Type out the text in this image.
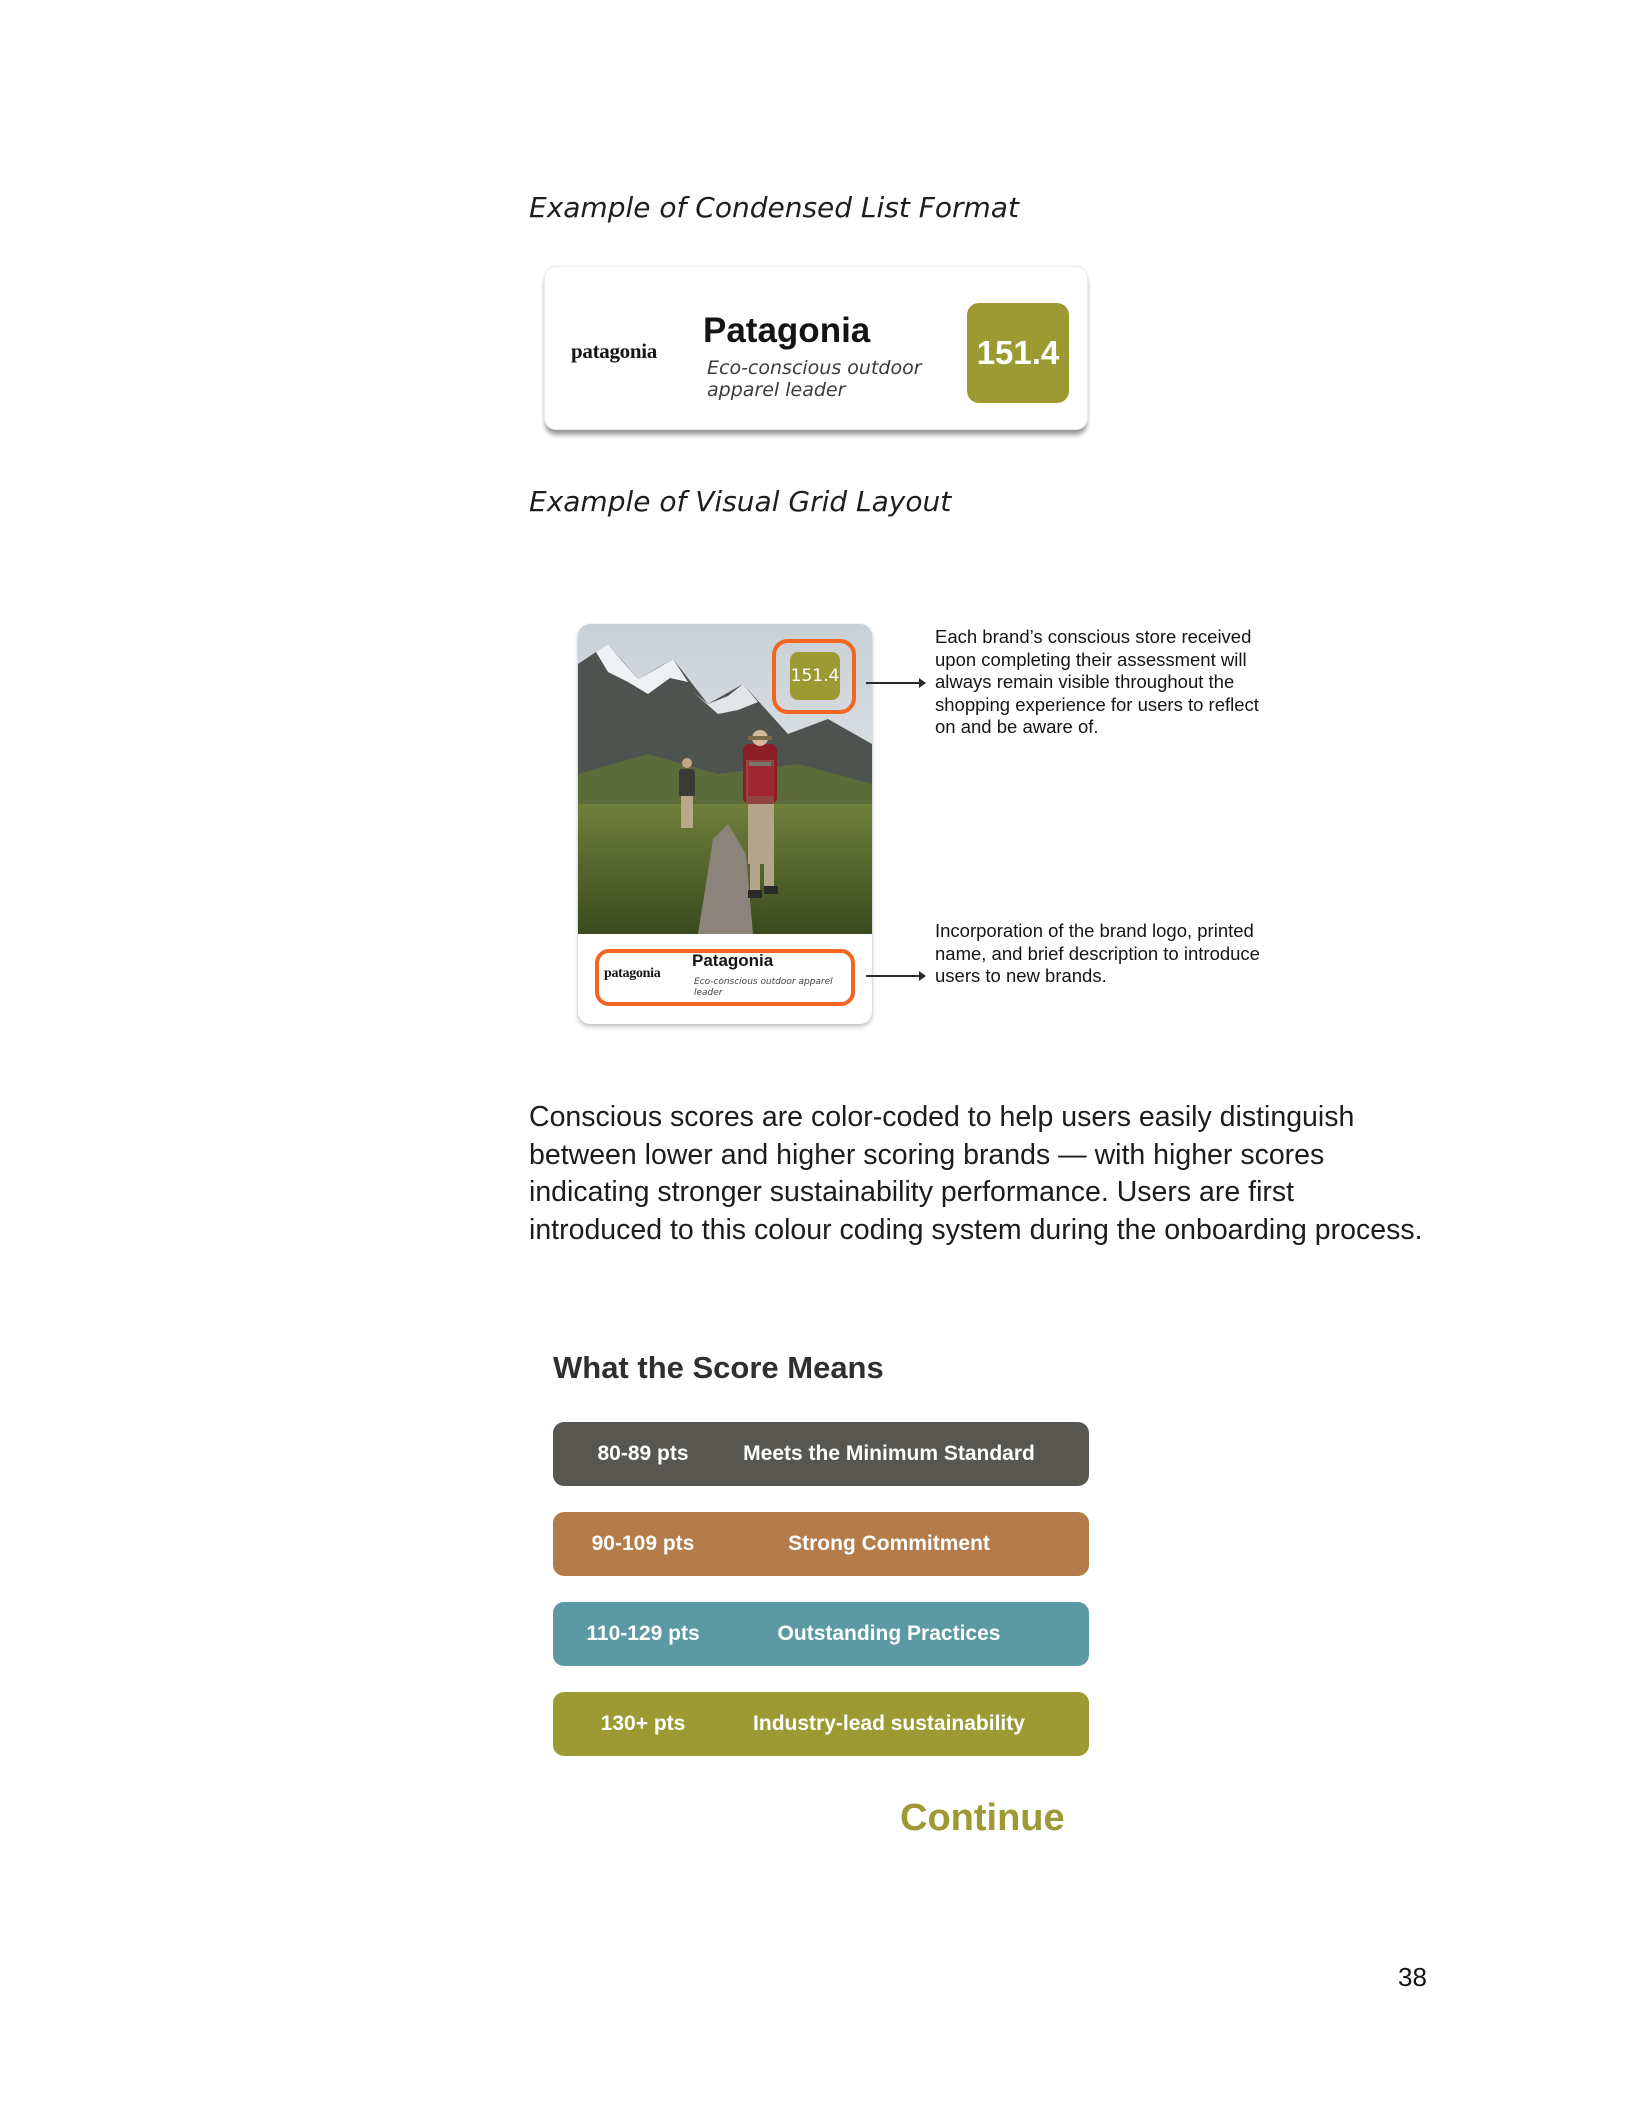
Example of Condensed List Format
patagonia
Patagonia
Eco-conscious outdoor apparel leader
151.4
Example of Visual Grid Layout
151.4
patagonia
Patagonia
Eco-conscious outdoor apparel leader

Each brand’s conscious store received upon completing their assessment will always remain visible throughout the shopping experience for users to reflect on and be aware of.

Incorporation of the brand logo, printed name, and brief description to introduce users to new brands.

Conscious scores are color-coded to help users easily distinguish between lower and higher scoring brands — with higher scores indicating stronger sustainability performance. Users are first introduced to this colour coding system during the onboarding process.

What the Score Means
80-89 pts	Meets the Minimum Standard
90-109 pts	Strong Commitment
110-129 pts	Outstanding Practices
130+ pts	Industry-lead sustainability
Continue
38
